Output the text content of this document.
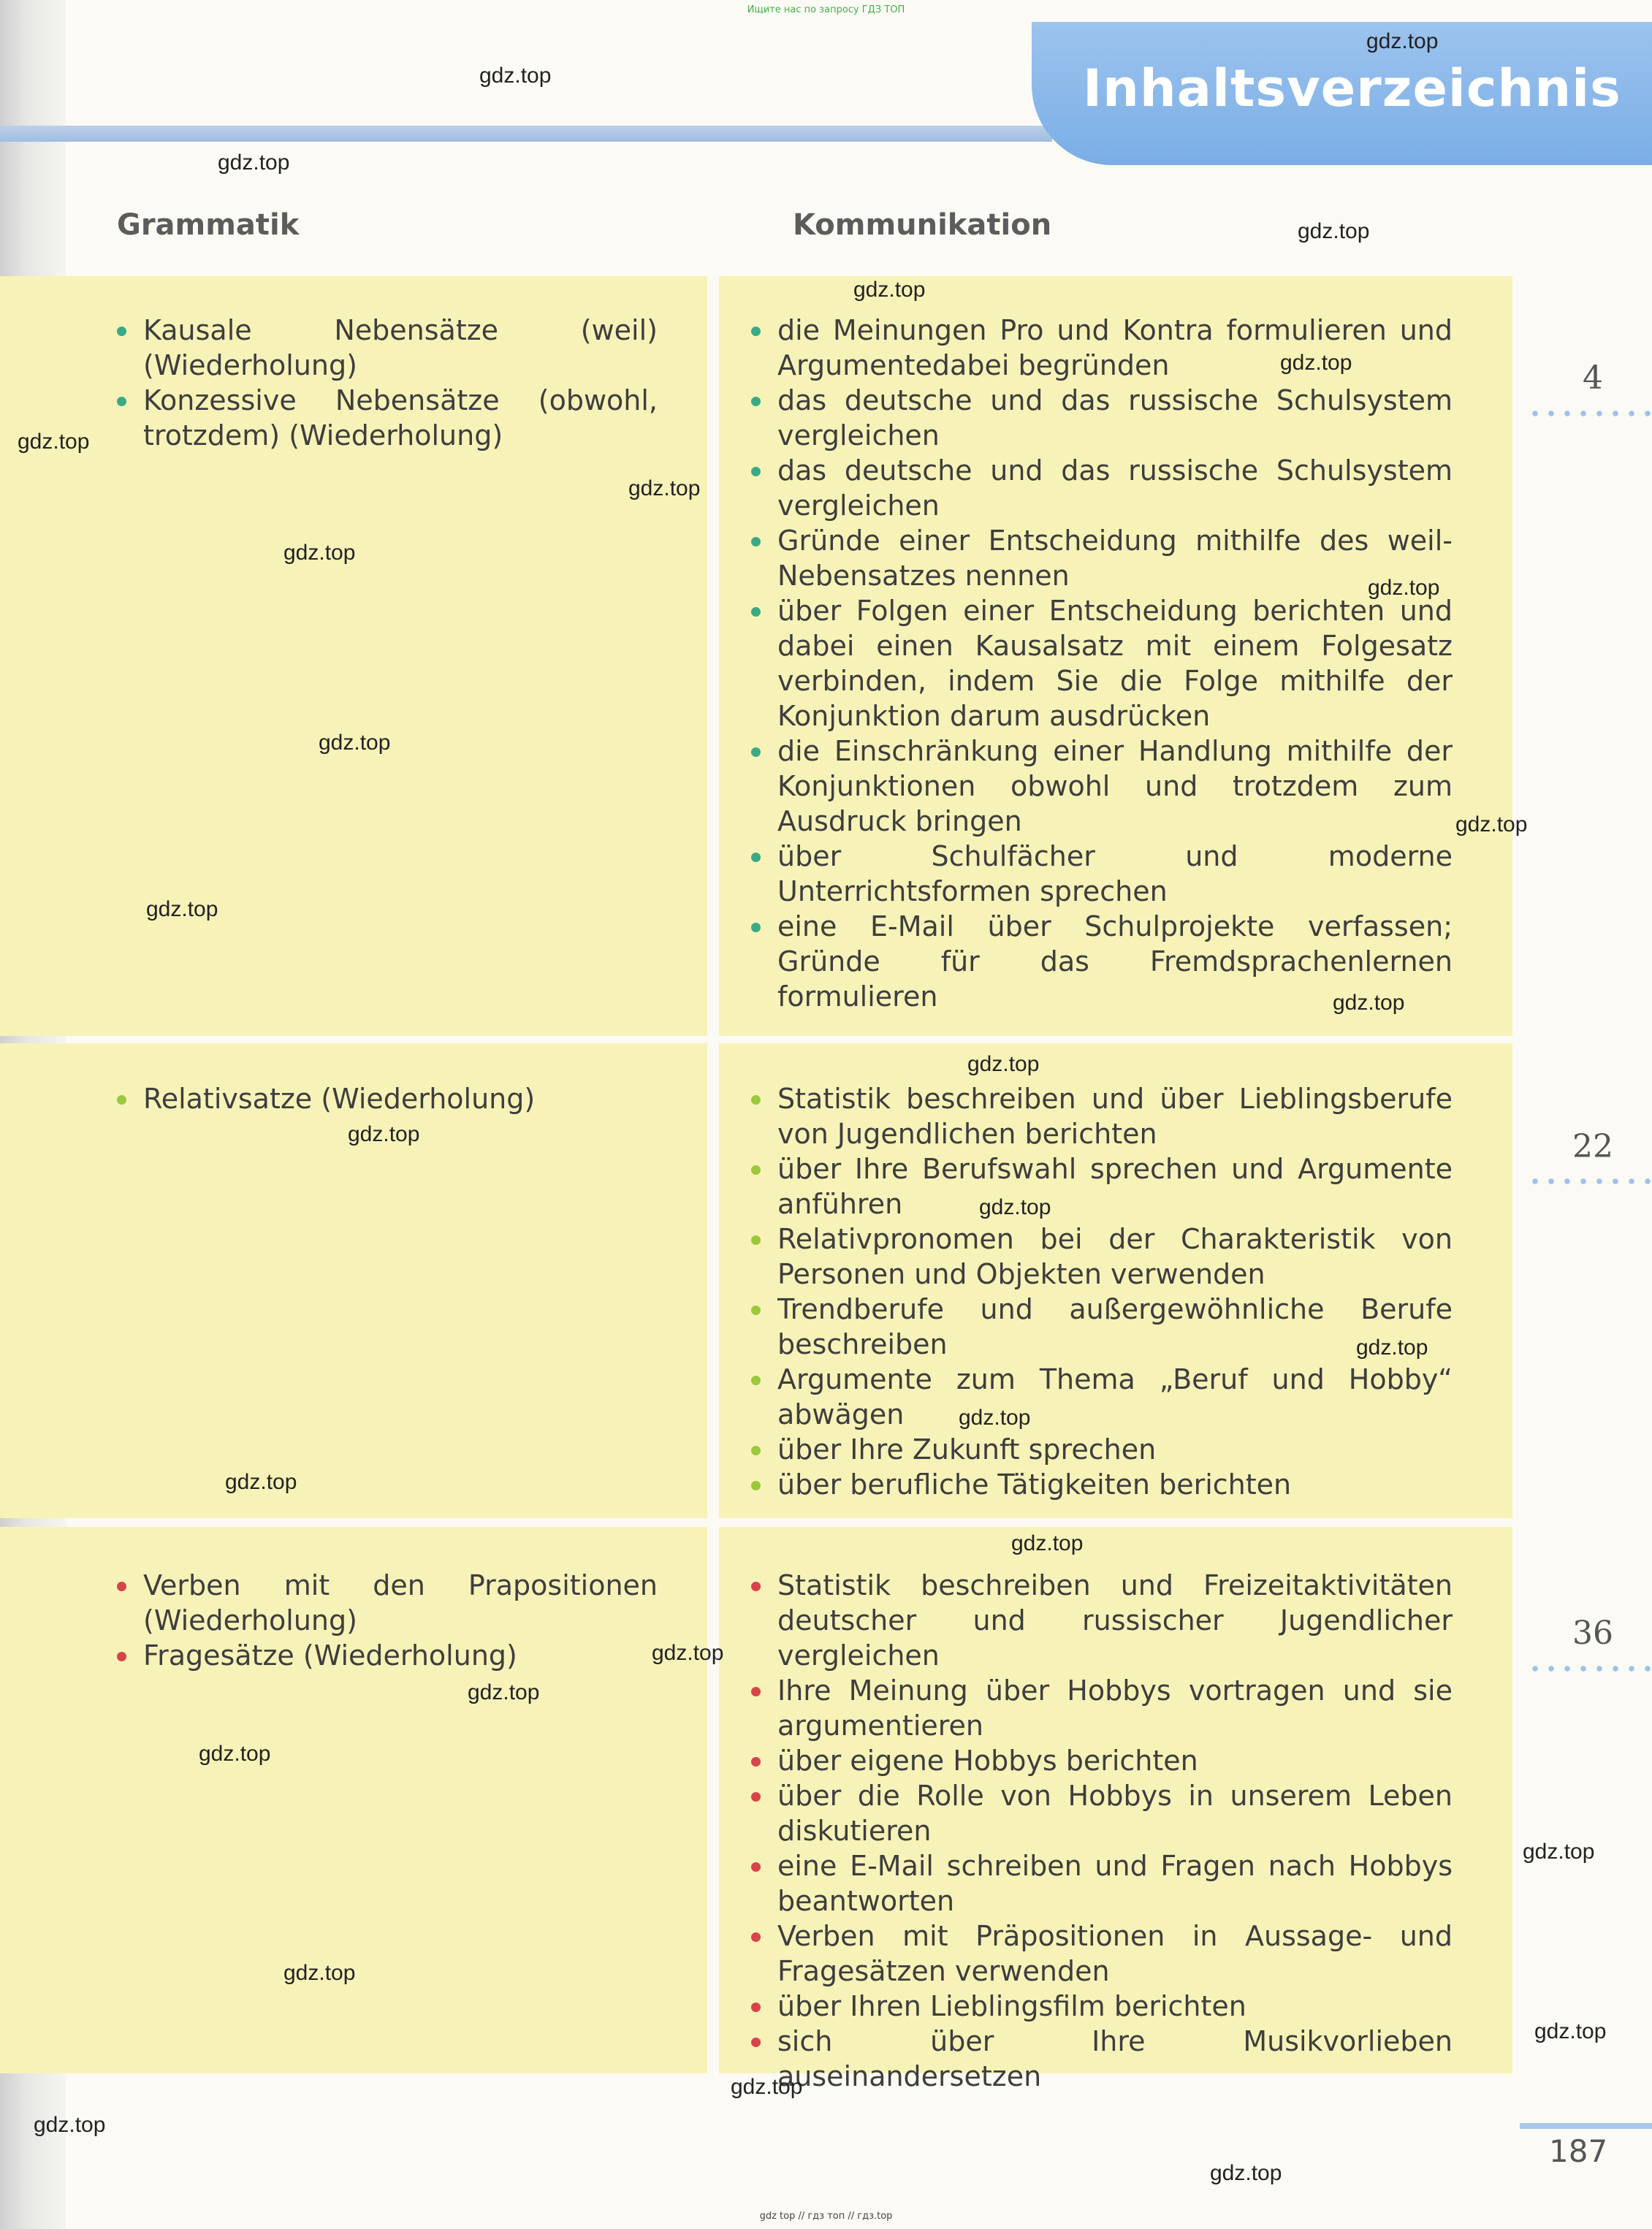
Ищите нас по запросу ГДЗ ТОП
Inhaltsverzeichnis
Grammatik	Kommunikation
Kausale Nebensätze (weil) (Wiederholung)
Konzessive Nebensätze (obwohl, trotzdem) (Wiederholung)
die Meinungen Pro und Kontra formulieren und Argumentedabei begründen
das deutsche und das russische Schulsystem vergleichen
das deutsche und das russische Schulsystem vergleichen
Gründe einer Entscheidung mithilfe des weil-Nebensatzes nennen
über Folgen einer Entscheidung berichten und dabei einen Kausalsatz mit einem Folgesatz verbinden, indem Sie die Folge mithilfe der Konjunktion darum ausdrücken
die Einschränkung einer Handlung mithilfe der Konjunktionen obwohl und trotzdem zum Ausdruck bringen
über Schulfächer und moderne Unterrichtsformen sprechen
eine E-Mail über Schulprojekte verfassen; Gründe für das Fremdsprachenlernen formulieren
4
Relativsatze (Wiederholung)	Statistik beschreiben und über Lieblingsberufe von Jugendlichen berichten
über Ihre Berufswahl sprechen und Argumente anführen
Relativpronomen bei der Charakteristik von Personen und Objekten verwenden
Trendberufe und außergewöhnliche Berufe beschreiben
Argumente zum Thema „Beruf und Hobby“ abwägen
über Ihre Zukunft sprechen
über berufliche Tätigkeiten berichten
22
Verben mit den Prapositionen (Wiederholung)
Fragesätze (Wiederholung)
Statistik beschreiben und Freizeitaktivitäten deutscher und russischer Jugendlicher vergleichen
Ihre Meinung über Hobbys vortragen und sie argumentieren
über eigene Hobbys berichten
über die Rolle von Hobbys in unserem Leben diskutieren
eine E-Mail schreiben und Fragen nach Hobbys beantworten
Verben mit Präpositionen in Aussage- und Fragesätzen verwenden
über Ihren Lieblingsfilm berichten
sich über Ihre Musikvorlieben auseinandersetzen
36
gdz.top
gdz.top
gdz.top
gdz.top
gdz.top
gdz.top
gdz.top
gdz.top
gdz.top
gdz.top
gdz.top
gdz.top
gdz.top
gdz.top
gdz.top
gdz.top
gdz.top
gdz.top
gdz.top
gdz.top
gdz.top
gdz.top
gdz.top
gdz.top
gdz.top
gdz.top
gdz.top
gdz.top
gdz.top
gdz.top
187
gdz top // гдз топ // гдз.top
